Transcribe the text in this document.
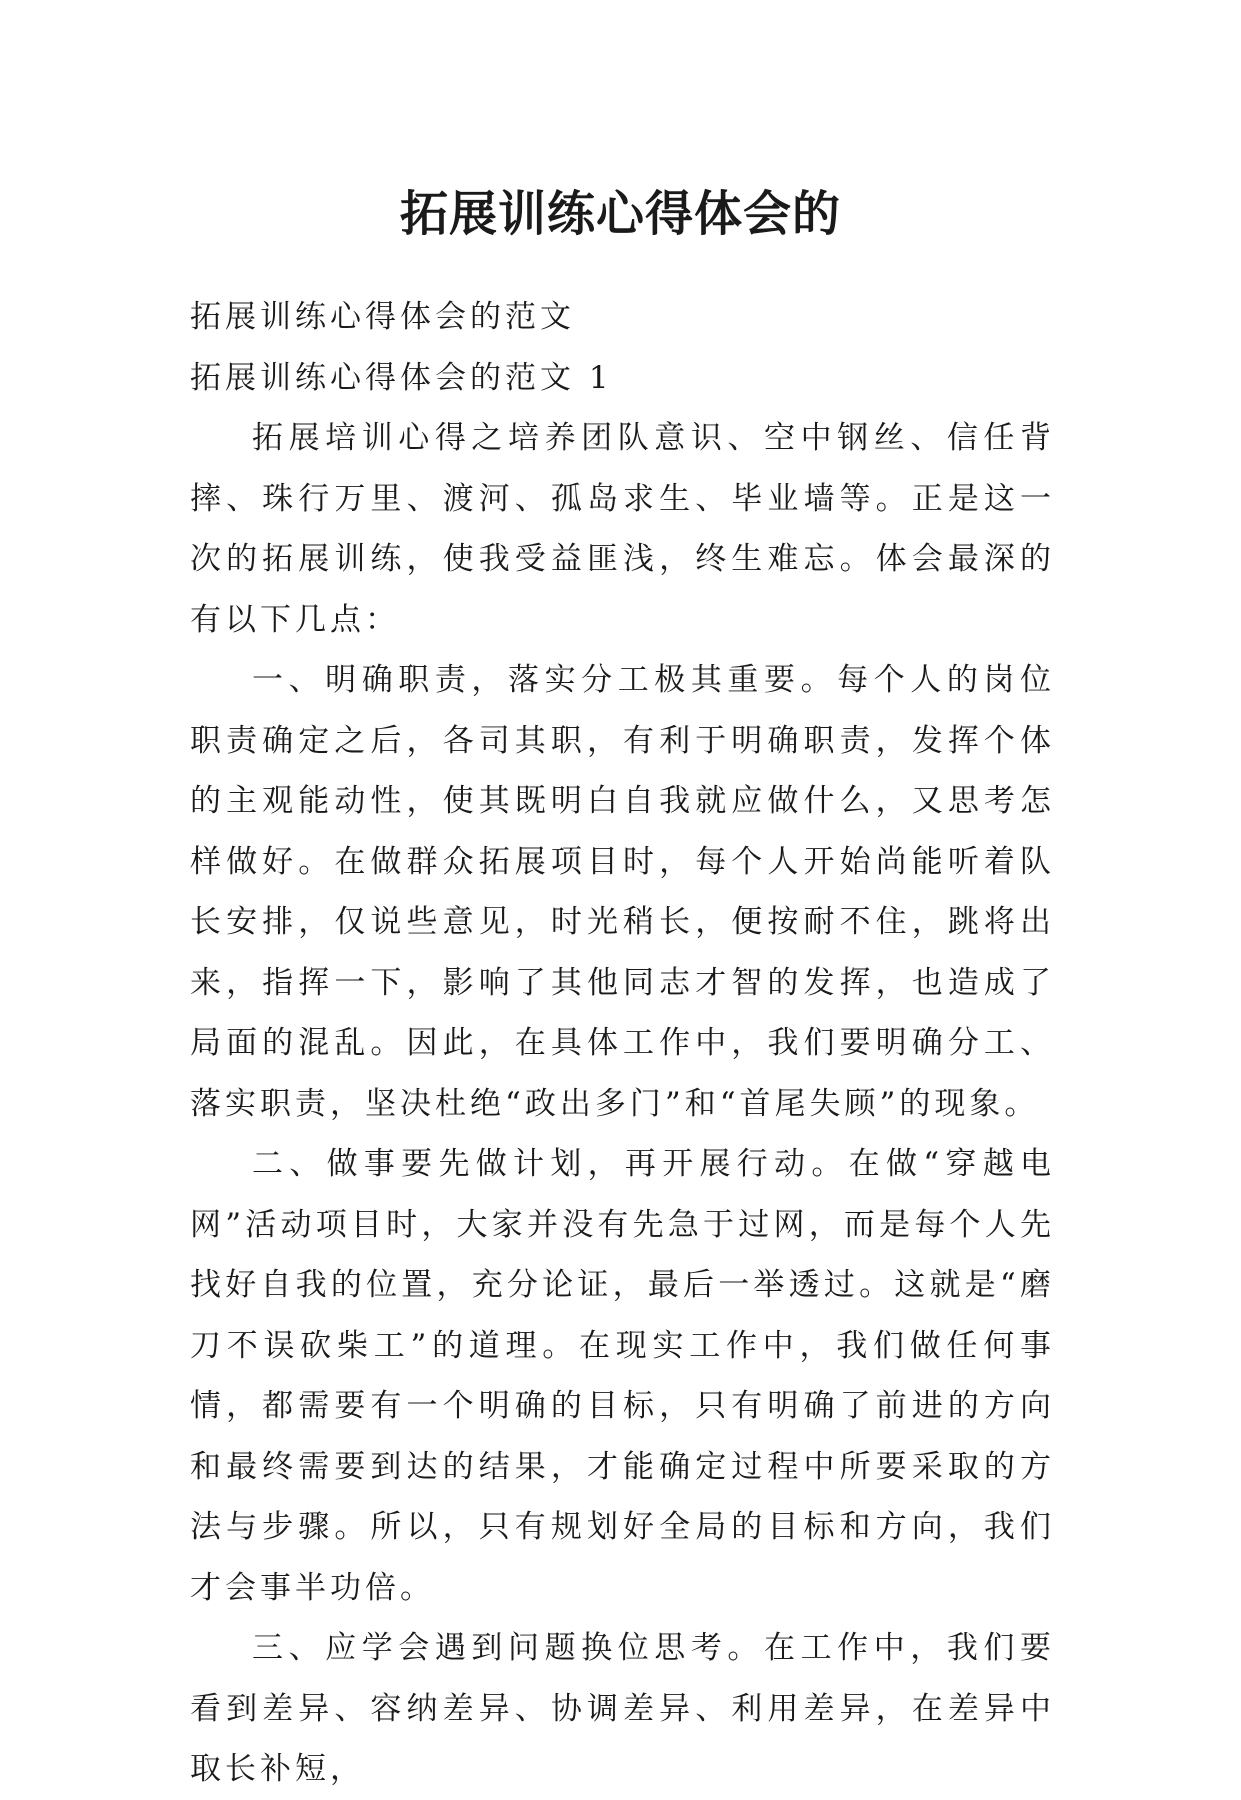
拓展训练心得体会的

拓展训练心得体会的范文

拓展训练心得体会的范文 1

拓展培训心得之培养团队意识、空中钢丝、信任背摔、珠行万里、渡河、孤岛求生、毕业墙等。正是这一次的拓展训练，使我受益匪浅，终生难忘。体会最深的有以下几点：

一、明确职责，落实分工极其重要。每个人的岗位职责确定之后，各司其职，有利于明确职责，发挥个体的主观能动性，使其既明白自我就应做什么，又思考怎样做好。在做群众拓展项目时，每个人开始尚能听着队长安排，仅说些意见，时光稍长，便按耐不住，跳将出来，指挥一下，影响了其他同志才智的发挥，也造成了局面的混乱。因此，在具体工作中，我们要明确分工、落实职责，坚决杜绝“政出多门”和“首尾失顾”的现象。

二、做事要先做计划，再开展行动。在做“穿越电网”活动项目时，大家并没有先急于过网，而是每个人先找好自我的位置，充分论证，最后一举透过。这就是“磨刀不误砍柴工”的道理。在现实工作中，我们做任何事情，都需要有一个明确的目标，只有明确了前进的方向和最终需要到达的结果，才能确定过程中所要采取的方法与步骤。所以，只有规划好全局的目标和方向，我们才会事半功倍。

三、应学会遇到问题换位思考。在工作中，我们要看到差异、容纳差异、协调差异、利用差异，在差异中取长补短，
